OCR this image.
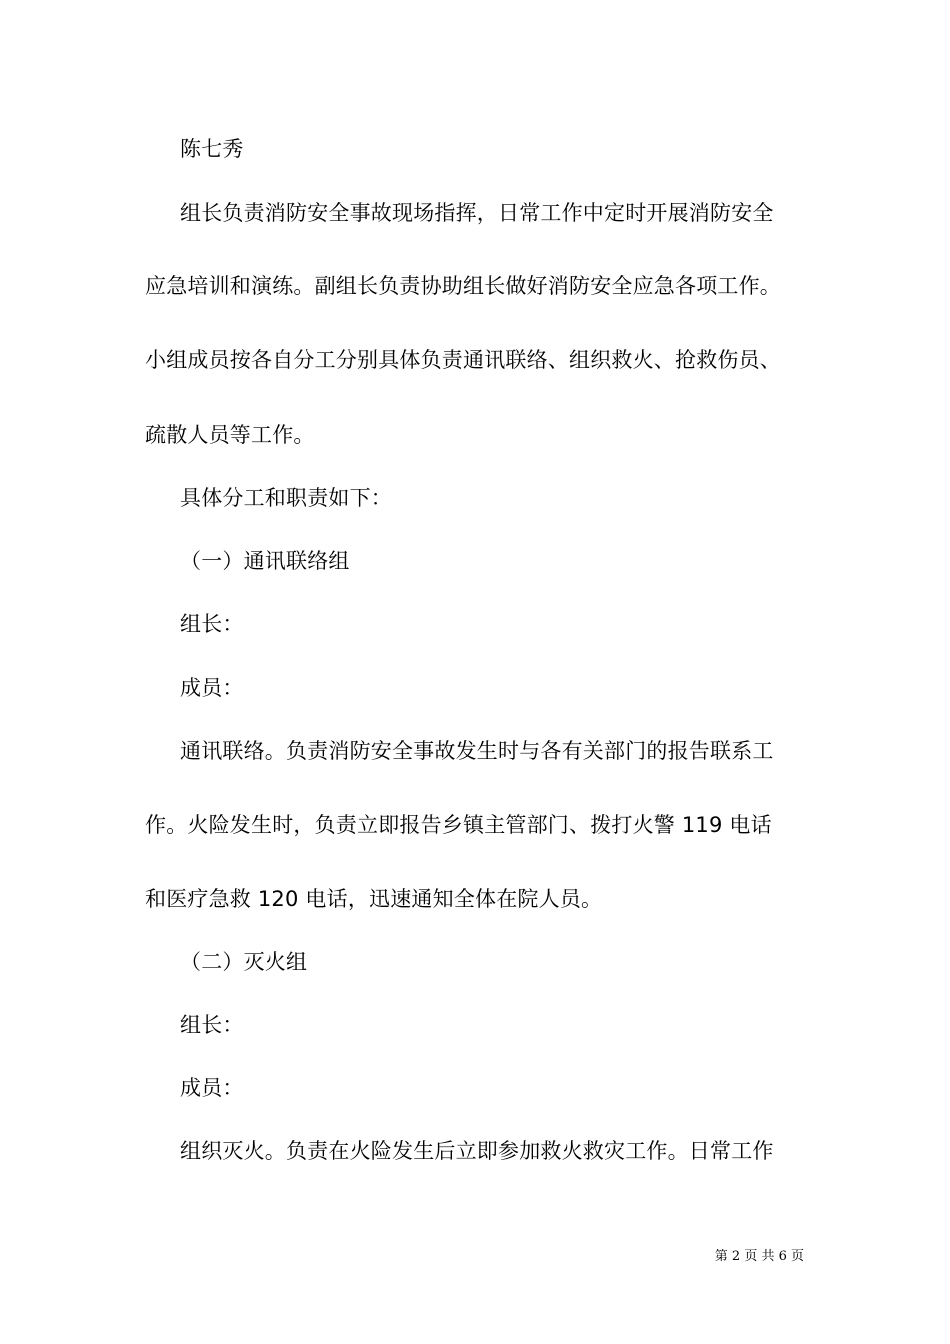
陈七秀
组长负责消防安全事故现场指挥，日常工作中定时开展消防安全
应急培训和演练。副组长负责协助组长做好消防安全应急各项工作。
小组成员按各自分工分别具体负责通讯联络、组织救火、抢救伤员、
疏散人员等工作。
具体分工和职责如下：
（一）通讯联络组
组长：
成员：
通讯联络。负责消防安全事故发生时与各有关部门的报告联系工
作。火险发生时，负责立即报告乡镇主管部门、拨打火警 119 电话
和医疗急救 120 电话，迅速通知全体在院人员。
（二）灭火组
组长：
成员：
组织灭火。负责在火险发生后立即参加救火救灾工作。日常工作
第 2 页 共 6 页
